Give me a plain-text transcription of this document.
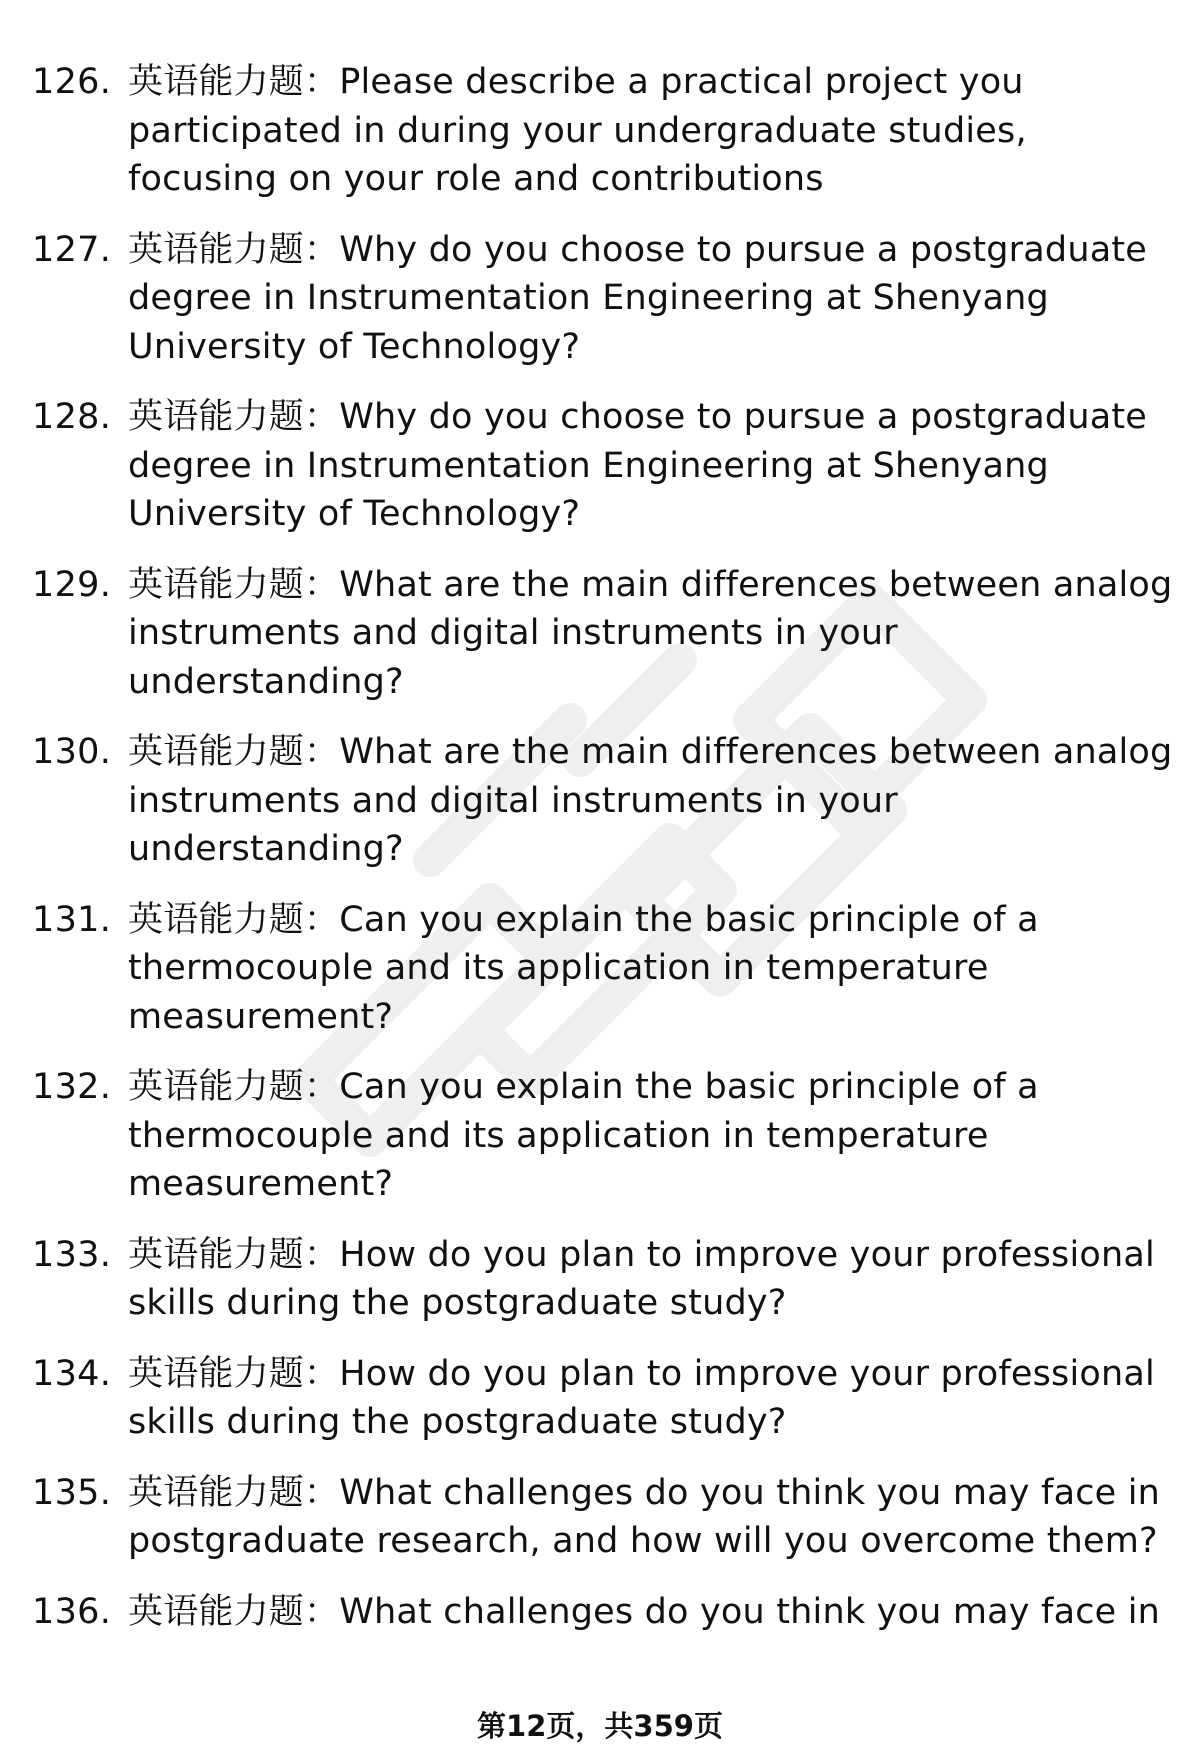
126. 英语能力题：Please describe a practical project you participated in during your undergraduate studies, focusing on your role and contributions
127. 英语能力题：Why do you choose to pursue a postgraduate degree in Instrumentation Engineering at Shenyang University of Technology?
128. 英语能力题：Why do you choose to pursue a postgraduate degree in Instrumentation Engineering at Shenyang University of Technology?
129. 英语能力题：What are the main differences between analog instruments and digital instruments in your understanding?
130. 英语能力题：What are the main differences between analog instruments and digital instruments in your understanding?
131. 英语能力题：Can you explain the basic principle of a thermocouple and its application in temperature measurement?
132. 英语能力题：Can you explain the basic principle of a thermocouple and its application in temperature measurement?
133. 英语能力题：How do you plan to improve your professional skills during the postgraduate study?
134. 英语能力题：How do you plan to improve your professional skills during the postgraduate study?
135. 英语能力题：What challenges do you think you may face in postgraduate research, and how will you overcome them?
136. 英语能力题：What challenges do you think you may face in
第12页，共359页
